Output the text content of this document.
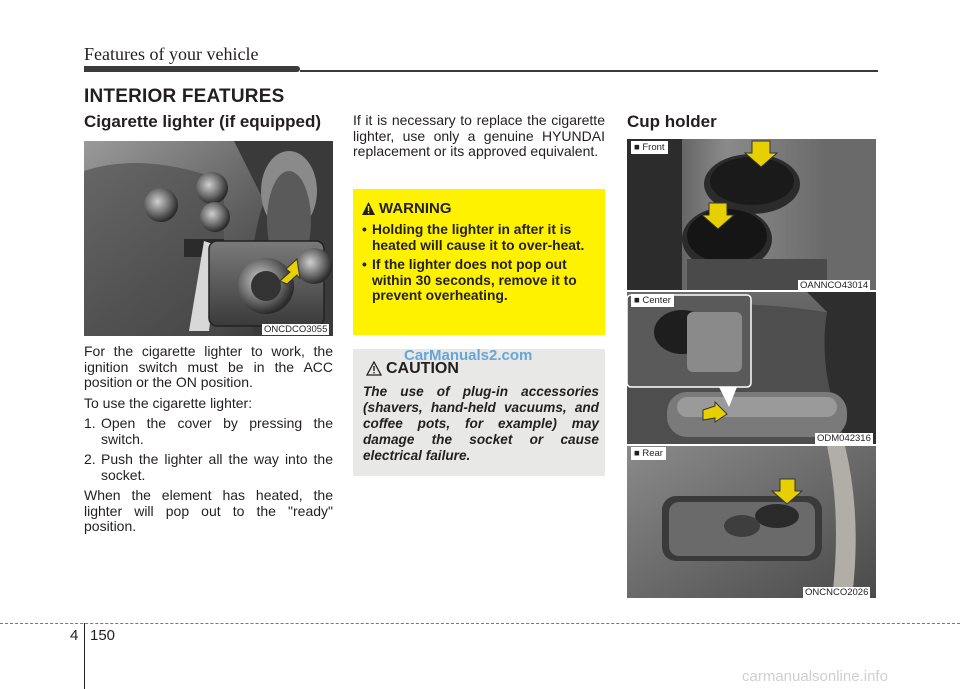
Features of your vehicle
INTERIOR FEATURES
Cigarette lighter (if equipped)
ONCDCO3055

For the cigarette lighter to work, the ignition switch must be in the ACC position or the ON position.

To use the cigarette lighter:

1. Open the cover by pressing the switch.
2. Push the lighter all the way into the socket.

When the element has heated, the lighter will pop out to the "ready" position.

If it is necessary to replace the cigarette lighter, use only a genuine HYUNDAI replacement or its approved equivalent.

WARNING
• Holding the lighter in after it is heated will cause it to over-heat.
• If the lighter does not pop out within 30 seconds, remove it to prevent overheating.
CAUTION
The use of plug-in accessories (shavers, hand-held vacuums, and coffee pots, for example) may damage the socket or cause electrical failure.
CarManuals2.com
Cup holder
■ Front
OANNCO43014
■ Center
ODM042316
■ Rear
ONCNCO2026
4 150
carmanualsonline.info
